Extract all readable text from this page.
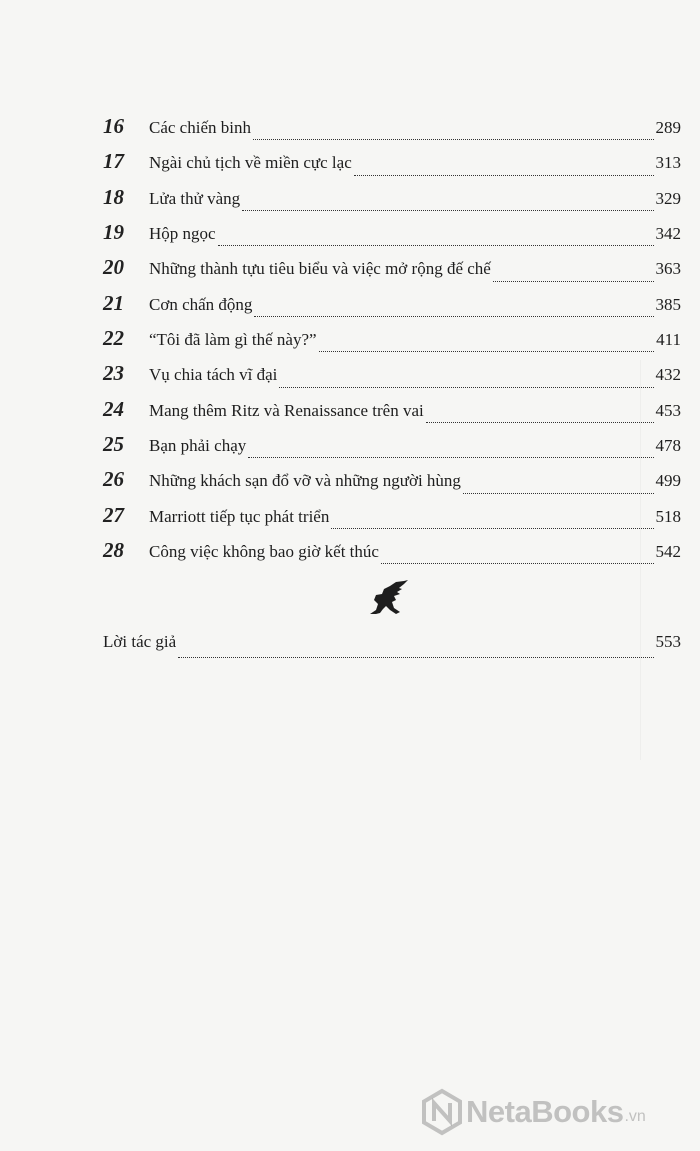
16	Các chiến binh	289
17	Ngài chủ tịch về miền cực lạc	313
18	Lửa thử vàng	329
19	Hộp ngọc	342
20	Những thành tựu tiêu biểu và việc mở rộng đế chế	363
21	Cơn chấn động	385
22	“Tôi đã làm gì thế này?”	411
23	Vụ chia tách vĩ đại	432
24	Mang thêm Ritz và Renaissance trên vai	453
25	Bạn phải chạy	478
26	Những khách sạn đổ vỡ và những người hùng	499
27	Marriott tiếp tục phát triển	518
28	Công việc không bao giờ kết thúc	542
Lời tác giả	553
NetaBooks .vn
